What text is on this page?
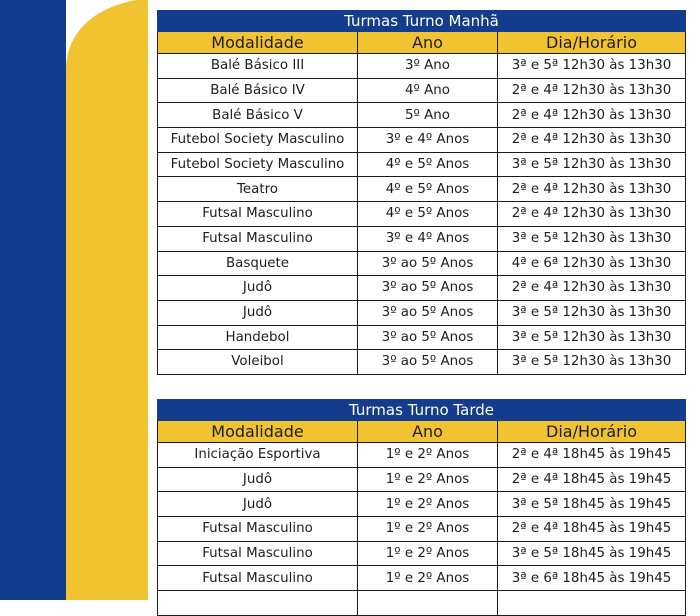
Turmas Turno Manhã		
Modalidade	Ano	Dia/Horário
Balé Básico III	3º Ano	3ª e 5ª 12h30 às 13h30
Balé Básico IV	4º Ano	2ª e 4ª 12h30 às 13h30
Balé Básico V	5º Ano	2ª e 4ª 12h30 às 13h30
Futebol Society Masculino	3º e 4º Anos	2ª e 4ª 12h30 às 13h30
Futebol Society Masculino	4º e 5º Anos	3ª e 5ª 12h30 às 13h30
Teatro	4º e 5º Anos	2ª e 4ª 12h30 às 13h30
Futsal Masculino	4º e 5º Anos	2ª e 4ª 12h30 às 13h30
Futsal Masculino	3º e 4º Anos	3ª e 5ª 12h30 às 13h30
Basquete	3º ao 5º Anos	4ª e 6ª 12h30 às 13h30
Judô	3º ao 5º Anos	2ª e 4ª 12h30 às 13h30
Judô	3º ao 5º Anos	3ª e 5ª 12h30 às 13h30
Handebol	3º ao 5º Anos	3ª e 5ª 12h30 às 13h30
Voleibol	3º ao 5º Anos	3ª e 5ª 12h30 às 13h30
Turmas Turno Tarde		
Modalidade	Ano	Dia/Horário
Iniciação Esportiva	1º e 2º Anos	2ª e 4ª 18h45 às 19h45
Judô	1º e 2º Anos	2ª e 4ª 18h45 às 19h45
Judô	1º e 2º Anos	3ª e 5ª 18h45 às 19h45
Futsal Masculino	1º e 2º Anos	2ª e 4ª 18h45 às 19h45
Futsal Masculino	1º e 2º Anos	3ª e 5ª 18h45 às 19h45
Futsal Masculino	1º e 2º Anos	3ª e 6ª 18h45 às 19h45
